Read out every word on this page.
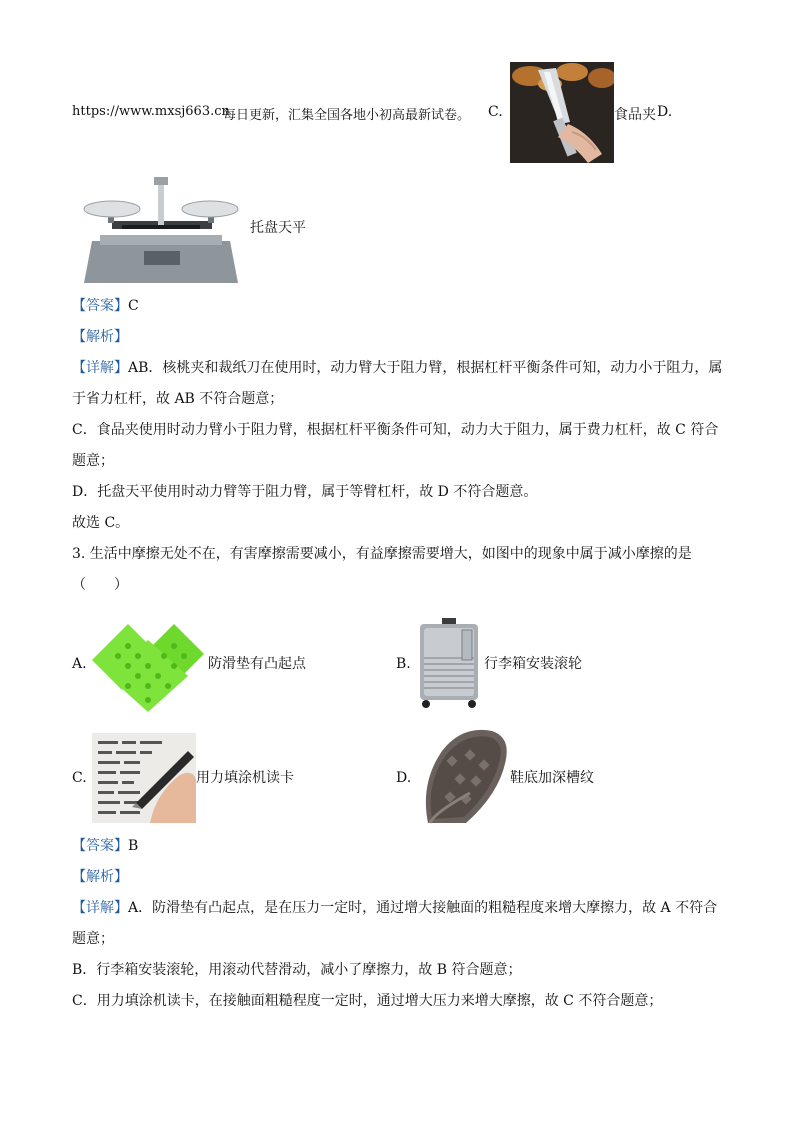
https://www.mxsj663.cn
每日更新，汇集全国各地小初高最新试卷。 C.	食品夹 D.
托盘天平
【答案】C
【解析】
【详解】AB．核桃夹和裁纸刀在使用时，动力臂大于阻力臂，根据杠杆平衡条件可知，动力小于阻力，属
于省力杠杆，故 AB 不符合题意；
C．食品夹使用时动力臂小于阻力臂，根据杠杆平衡条件可知，动力大于阻力，属于费力杠杆，故 C 符合
题意；
D．托盘天平使用时动力臂等于阻力臂，属于等臂杠杆，故 D 不符合题意。
故选 C。
3. 生活中摩擦无处不在，有害摩擦需要减小，有益摩擦需要增大，如图中的现象中属于减小摩擦的是
（　　）
A.	防滑垫有凸起点	B.	行李箱安装滚轮
C.	用力填涂机读卡	D.	鞋底加深槽纹
【答案】B
【解析】
【详解】A．防滑垫有凸起点，是在压力一定时，通过增大接触面的粗糙程度来增大摩擦力，故 A 不符合
题意；
B．行李箱安装滚轮，用滚动代替滑动，减小了摩擦力，故 B 符合题意；
C．用力填涂机读卡，在接触面粗糙程度一定时，通过增大压力来增大摩擦，故 C 不符合题意；
